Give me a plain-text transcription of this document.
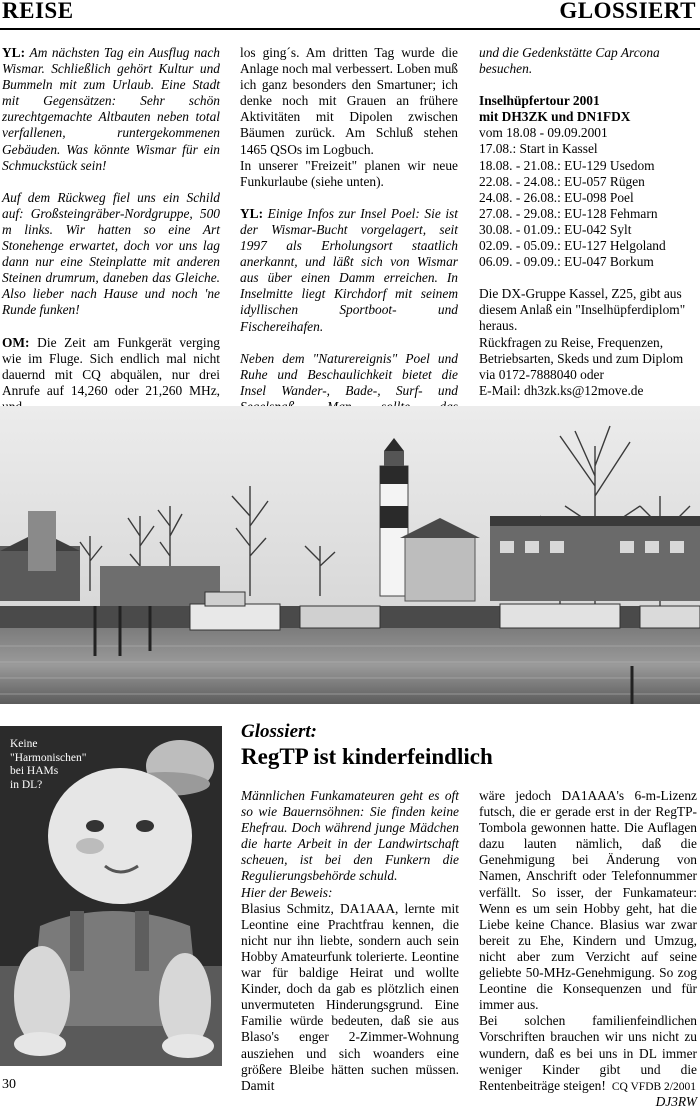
REISE	GLOSSIERT

YL: Am nächsten Tag ein Ausflug nach Wismar. Schließlich gehört Kultur und Bummeln mit zum Urlaub. Eine Stadt mit Gegensätzen: Sehr schön zurechtgemachte Altbauten neben total verfallenen, runtergekommenen Gebäuden. Was könnte Wismar für ein Schmuckstück sein!

Auf dem Rückweg fiel uns ein Schild auf: Großsteingräber-Nordgruppe, 500 m links. Wir hatten so eine Art Stonehenge erwartet, doch vor uns lag dann nur eine Steinplatte mit anderen Steinen drumrum, daneben das Gleiche. Also lieber nach Hause und noch 'ne Runde funken!

OM: Die Zeit am Funkgerät verging wie im Fluge. Sich endlich mal nicht dauernd mit CQ abquälen, nur drei Anrufe auf 14,260 oder 21,260 MHz,

los ging´s. Am dritten Tag wurde die Anlage noch mal verbessert. Loben muß ich ganz besonders den Smartuner; ich denke noch mit Grauen an frühere Aktivitäten mit Dipolen zwischen Bäumen zurück. Am Schluß stehen 1465 QSOs im Logbuch.

In unserer "Freizeit" planen wir neue Funkurlaube (siehe unten).

YL: Einige Infos zur Insel Poel: Sie ist der Wismar-Bucht vorgelagert, seit 1997 als Erholungsort staatlich anerkannt, und läßt sich von Wismar aus über einen Damm erreichen. In Inselmitte liegt Kirchdorf mit seinem idyllischen Sportboot- und Fischereihafen.

Neben dem "Naturereignis" Poel und Ruhe und Beschaulichkeit bietet die Insel Wander-, Bade-, Surf- und

und die Gedenkstätte Cap Arcona besuchen.

Inselhüpfertour 2001
mit DH3ZK und DN1FDX
vom 18.08 - 09.09.2001
17.08.: Start in Kassel
18.08. - 21.08.: EU-129 Usedom
22.08. - 24.08.: EU-057 Rügen
24.08. - 26.08.: EU-098 Poel
27.08. - 29.08.: EU-128 Fehmarn
30.08. - 01.09.: EU-042 Sylt
02.09. - 05.09.: EU-127 Helgoland
06.09. - 09.09.: EU-047 Borkum

Die DX-Gruppe Kassel, Z25, gibt aus diesem Anlaß ein "Inselhüpferdiplom" heraus.

Rückfragen zu Reise, Frequenzen, Betriebsarten, Skeds und zum Diplom via 0172-7888040 oder

E-Mail: dh3zk.ks@12move.de

Keine
"Harmonischen"
bei HAMs
in DL?
Glossiert:
RegTP ist kinderfeindlich

Männlichen Funkamateuren geht es oft so wie Bauernsöhnen: Sie finden keine Ehefrau. Doch während junge Mädchen die harte Arbeit in der Landwirtschaft scheuen, ist bei den Funkern die Regulierungsbehörde schuld.

Hier der Beweis:

Blasius Schmitz, DA1AAA, lernte mit Leontine eine Prachtfrau kennen, die nicht nur ihn liebte, sondern auch sein Hobby Amateurfunk tolerierte. Leontine war für baldige Heirat und wollte Kinder, doch da gab es plötzlich einen unvermuteten Hinderungsgrund. Eine Familie würde bedeuten, daß sie aus Blaso's enger 2-Zimmer-Wohnung ausziehen und sich woanders eine größere Bleibe hätten suchen müssen. Damit

wäre jedoch DA1AAA's 6-m-Lizenz futsch, die er gerade erst in der RegTP-Tombola gewonnen hatte. Die Auflagen dazu lauten nämlich, daß die Genehmigung bei Änderung von Namen, Anschrift oder Telefonnummer verfällt. So isser, der Funkamateur: Wenn es um sein Hobby geht, hat die Liebe keine Chance. Blasius war zwar bereit zu Ehe, Kindern und Umzug, nicht aber zum Verzicht auf seine geliebte 50-MHz-Genehmigung. So zog Leontine die Konsequenzen und für immer aus.

Bei solchen familienfeindlichen Vorschriften brauchen wir uns nicht zu wundern, daß es bei uns in DL immer weniger Kinder gibt und die Rentenbeiträge steigen!

DJ3RW
30	CQ VFDB 2/2001
